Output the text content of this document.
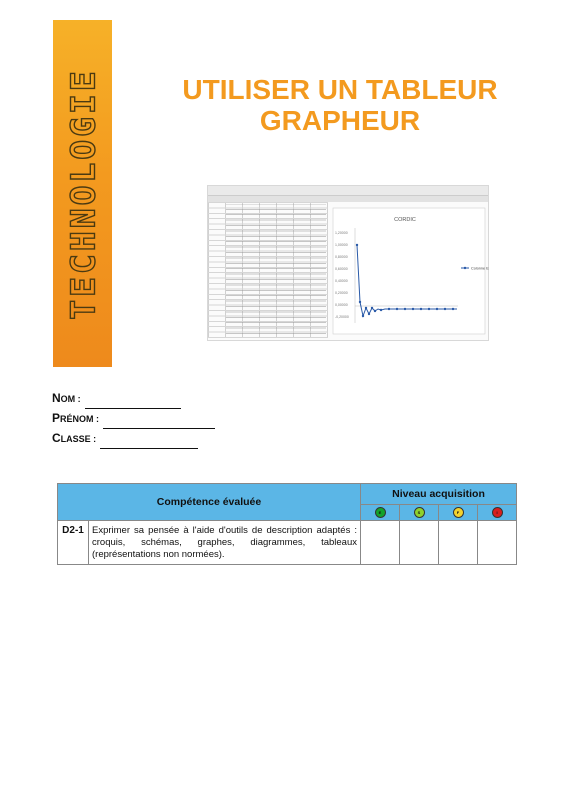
TECHNOLOGIE	UTILISER UN TABLEUR
GRAPHEUR
CORDIC
1,20000
1,00000
0,80000
0,60000
0,40000
0,20000
0,00000
-0,20000
Colonne E
NOM :
PRÉNOM :
CLASSE :
Compétence évaluée		Niveau acquisition			
		E	S	F	I
D2-1	Exprimer sa pensée à l'aide d'outils de description adaptés : croquis, schémas, graphes, diagrammes, tableaux (représentations non normées).				
